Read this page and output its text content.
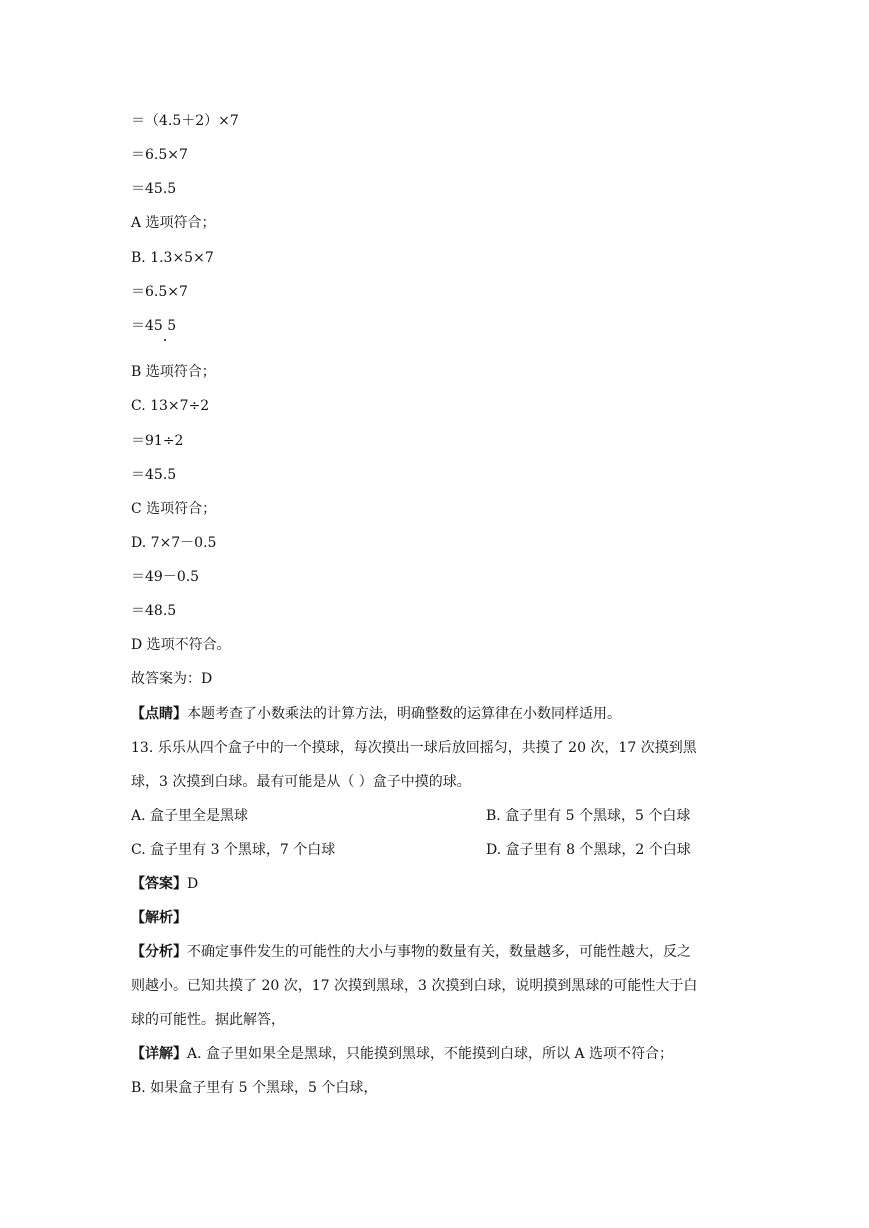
＝（4.5＋2）×7
＝6.5×7
＝45.5
A 选项符合；
B. 1.3×5×7
＝6.5×7
＝45 5
B 选项符合；
C. 13×7÷2
＝91÷2
＝45.5
C 选项符合；
D. 7×7－0.5
＝49－0.5
＝48.5
D 选项不符合。
故答案为：D
【点睛】本题考查了小数乘法的计算方法，明确整数的运算律在小数同样适用。
13. 乐乐从四个盒子中的一个摸球，每次摸出一球后放回摇匀，共摸了 20 次，17 次摸到黑
球，3 次摸到白球。最有可能是从（ ）盒子中摸的球。
A. 盒子里全是黑球	B. 盒子里有 5 个黑球，5 个白球
C. 盒子里有 3 个黑球，7 个白球	D. 盒子里有 8 个黑球，2 个白球
【答案】D
【解析】
【分析】不确定事件发生的可能性的大小与事物的数量有关，数量越多，可能性越大，反之
则越小。已知共摸了 20 次，17 次摸到黑球，3 次摸到白球，说明摸到黑球的可能性大于白
球的可能性。据此解答，
【详解】A. 盒子里如果全是黑球，只能摸到黑球，不能摸到白球，所以 A 选项不符合；
B. 如果盒子里有 5 个黑球，5 个白球，
